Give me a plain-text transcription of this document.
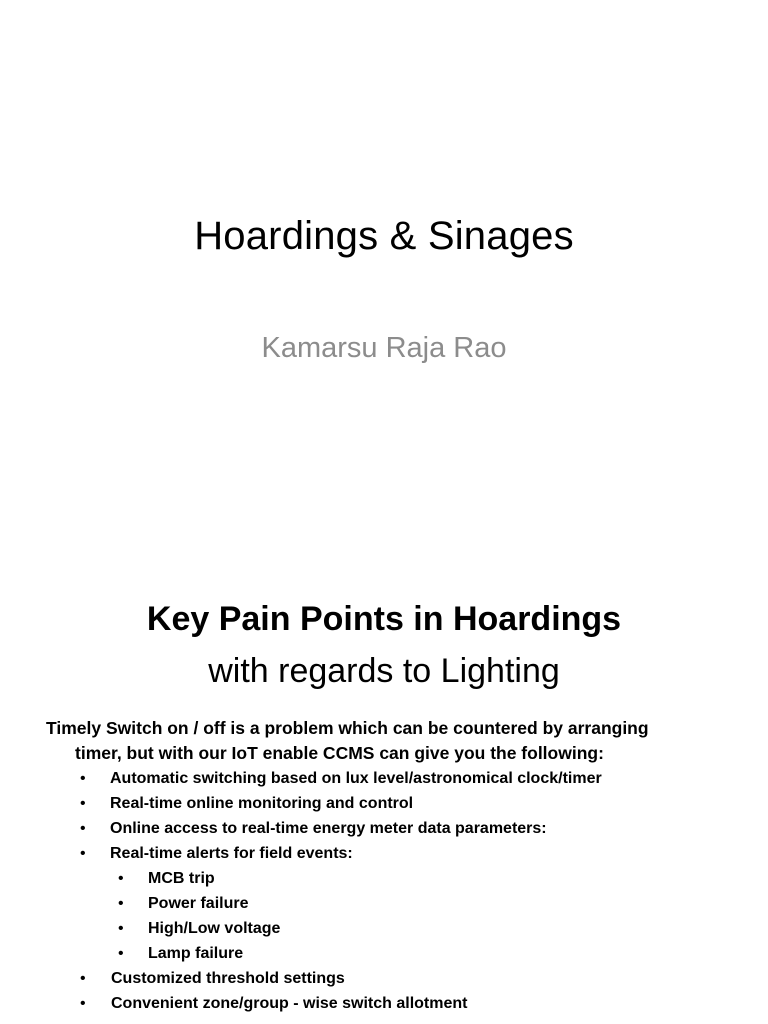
Hoardings & Sinages
Kamarsu Raja Rao
Key Pain Points in Hoardings
with regards to Lighting
Timely Switch on / off is a problem which can be countered by arranging
timer, but with our IoT enable CCMS can give you the following:
• Automatic switching based on lux level/astronomical clock/timer
• Real-time online monitoring and control
• Online access to real-time energy meter data parameters:
• Real-time alerts for field events:
• MCB trip
• Power failure
• High/Low voltage
• Lamp failure
• Customized threshold settings
• Convenient zone/group - wise switch allotment
